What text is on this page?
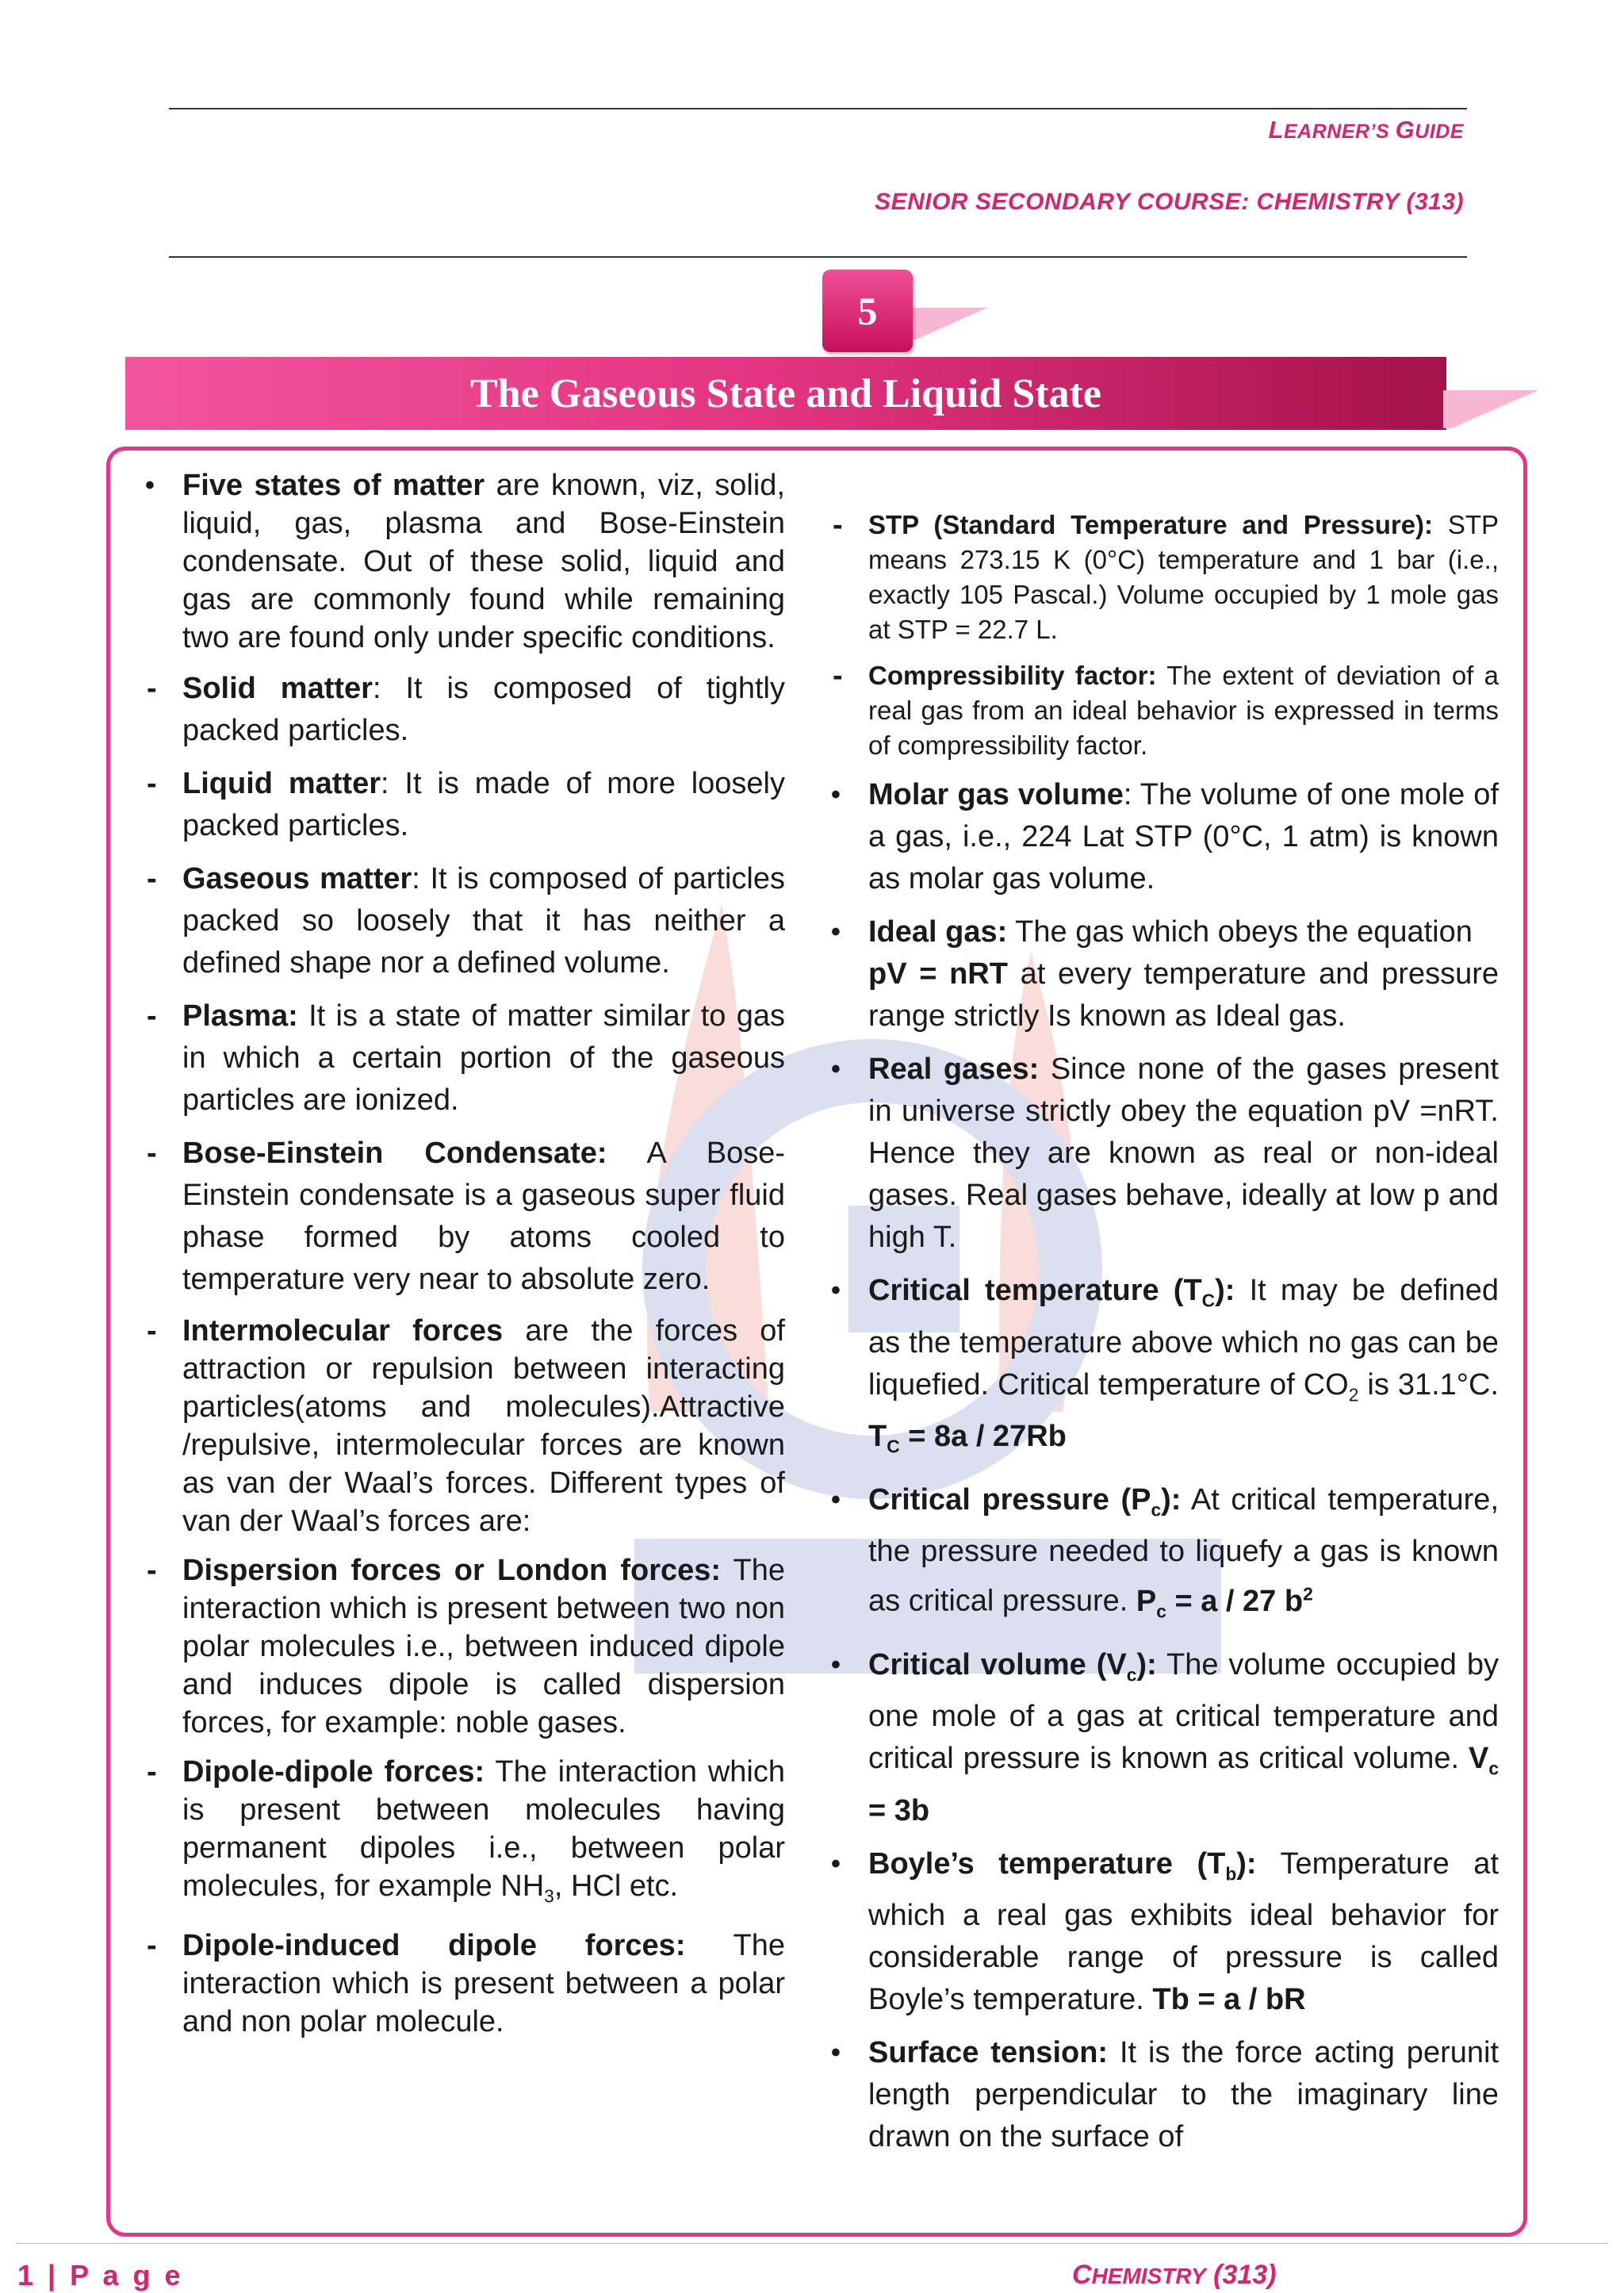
LEARNER’S GUIDE
SENIOR SECONDARY COURSE: CHEMISTRY (313)
5
The Gaseous State and Liquid State
• Five states of matter are known, viz, solid, liquid, gas, plasma and Bose-Einstein condensate. Out of these solid, liquid and gas are commonly found while remaining two are found only under specific conditions.
- Solid matter: It is composed of tightly packed particles.
- Liquid matter: It is made of more loosely packed particles.
- Gaseous matter: It is composed of particles packed so loosely that it has neither a defined shape nor a defined volume.
- Plasma: It is a state of matter similar to gas in which a certain portion of the gaseous particles are ionized.
- Bose-Einstein Condensate: A Bose-Einstein condensate is a gaseous super fluid phase formed by atoms cooled to temperature very near to absolute zero.
- Intermolecular forces are the forces of attraction or repulsion between interacting particles(atoms and molecules).Attractive /repulsive, intermolecular forces are known as van der Waal’s forces. Different types of van der Waal’s forces are:
- Dispersion forces or London forces: The interaction which is present between two non polar molecules i.e., between induced dipole and induces dipole is called dispersion forces, for example: noble gases.
- Dipole-dipole forces: The interaction which is present between molecules having permanent dipoles i.e., between polar molecules, for example $NH_3$, HCl etc.
- Dipole-induced dipole forces: The interaction which is present between a polar and non polar molecule.
- STP (Standard Temperature and Pressure): STP means 273.15 K (0°C) temperature and 1 bar (i.e., exactly 105 Pascal.) Volume occupied by 1 mole gas at STP = 22.7 L.
- Compressibility factor: The extent of deviation of a real gas from an ideal behavior is expressed in terms of compressibility factor.
• Molar gas volume: The volume of one mole of a gas, i.e., 224 Lat STP (0°C, 1 atm) is known as molar gas volume.
• Ideal gas: The gas which obeys the equation
pV = nRT at every temperature and pressure range strictly Is known as Ideal gas.
• Real gases: Since none of the gases present in universe strictly obey the equation pV =nRT. Hence they are known as real or non-ideal gases. Real gases behave, ideally at low p and high T.
• Critical temperature $(T_C)$: It may be defined as the temperature above which no gas can be liquefied. Critical temperature of $CO_2$ is 31.1°C. $T_C = 8a / 27Rb$
• Critical pressure $(P_c)$: At critical temperature, the pressure needed to liquefy a gas is known as critical pressure. $P_c = a / 27$ $b^2$
• Critical volume $(V_c)$: The volume occupied by one mole of a gas at critical temperature and critical pressure is known as critical volume. $V_c = 3b$
• Boyle’s temperature $(T_b)$: Temperature at which a real gas exhibits ideal behavior for considerable range of pressure is called Boyle’s temperature. Tb = a / bR
• Surface tension: It is the force acting perunit length perpendicular to the imaginary line drawn on the surface of
1 | P a g e	CHEMISTRY (313)
